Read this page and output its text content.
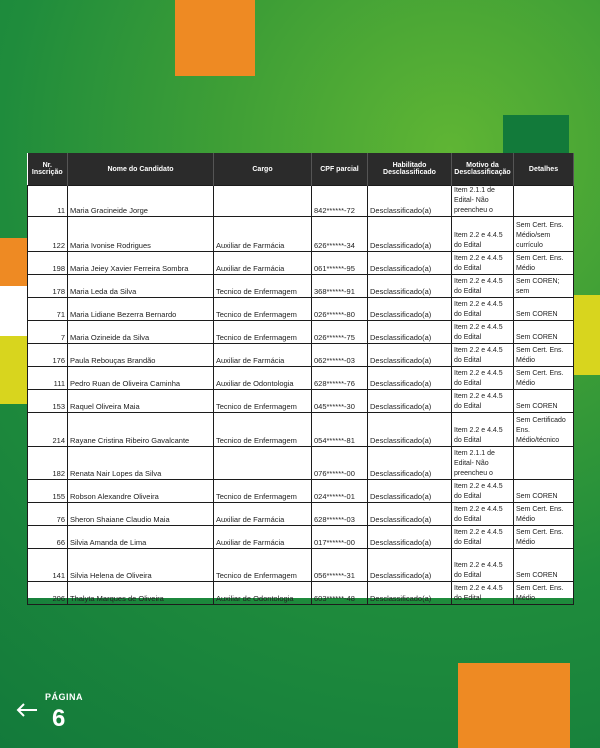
Nr. Inscrição	Nome do Candidato	Cargo	CPF parcial	Habilitado Desclassificado	Motivo da Desclassificação	Detalhes
11	Maria Gracineide Jorge		842******-72	Desclassificado(a)	Item 2.1.1 de
Edital- Não
preencheu o	
122	Maria Ivonise Rodrigues	Auxiliar de Farmácia	626******-34	Desclassificado(a)	Item 2.2 e 4.4.5
do Edital	Sem Cert. Ens.
Médio/sem
currículo
198	Maria Jeiey Xavier Ferreira Sombra	Auxiliar de Farmácia	061******-95	Desclassificado(a)	Item 2.2 e 4.4.5
do Edital	Sem Cert. Ens.
Médio
178	Maria Leda da Silva	Tecnico de Enfermagem	368******-91	Desclassificado(a)	Item 2.2 e 4.4.5
do Edital	Sem COREN;
sem
71	Maria Lidiane Bezerra Bernardo	Tecnico de Enfermagem	026******-80	Desclassificado(a)	Item 2.2 e 4.4.5
do Edital	Sem COREN
7	Maria Ozineide da Silva	Tecnico de Enfermagem	026******-75	Desclassificado(a)	Item 2.2 e 4.4.5
do Edital	Sem COREN
176	Paula Rebouças Brandão	Auxiliar de Farmácia	062******-03	Desclassificado(a)	Item 2.2 e 4.4.5
do Edital	Sem Cert. Ens.
Médio
111	Pedro Ruan de Oliveira Caminha	Auxiliar de Odontologia	628******-76	Desclassificado(a)	Item 2.2 e 4.4.5
do Edital	Sem Cert. Ens.
Médio
153	Raquel Oliveira Maia	Tecnico de Enfermagem	045******-30	Desclassificado(a)	Item 2.2 e 4.4.5
do Edital	Sem COREN
214	Rayane Cristina Ribeiro Gavalcante	Tecnico de Enfermagem	054******-81	Desclassificado(a)	Item 2.2 e 4.4.5
do Edital	Sem Certificado
Ens.
Médio/técnico
182	Renata Nair Lopes da Silva		076******-00	Desclassificado(a)	Item 2.1.1 de
Edital- Não
preencheu o	
155	Robson Alexandre Oliveira	Tecnico de Enfermagem	024******-01	Desclassificado(a)	Item 2.2 e 4.4.5
do Edital	Sem COREN
76	Sheron Shaiane Claudio Maia	Auxiliar de Farmácia	628******-03	Desclassificado(a)	Item 2.2 e 4.4.5
do Edital	Sem Cert. Ens.
Médio
66	Silvia Amanda de Lima	Auxiliar de Farmácia	017******-00	Desclassificado(a)	Item 2.2 e 4.4.5
do Edital	Sem Cert. Ens.
Médio
141	Silvia Helena de Oliveira	Tecnico de Enfermagem	056******-31	Desclassificado(a)	Item 2.2 e 4.4.5
do Edital	Sem COREN
206	Thalyta Marques de Oliveira	Auxiliar de Odontologia	603******-48	Desclassificado(a)	Item 2.2 e 4.4.5
do Edital	Sem Cert. Ens.
Médio
PÁGINA
6
